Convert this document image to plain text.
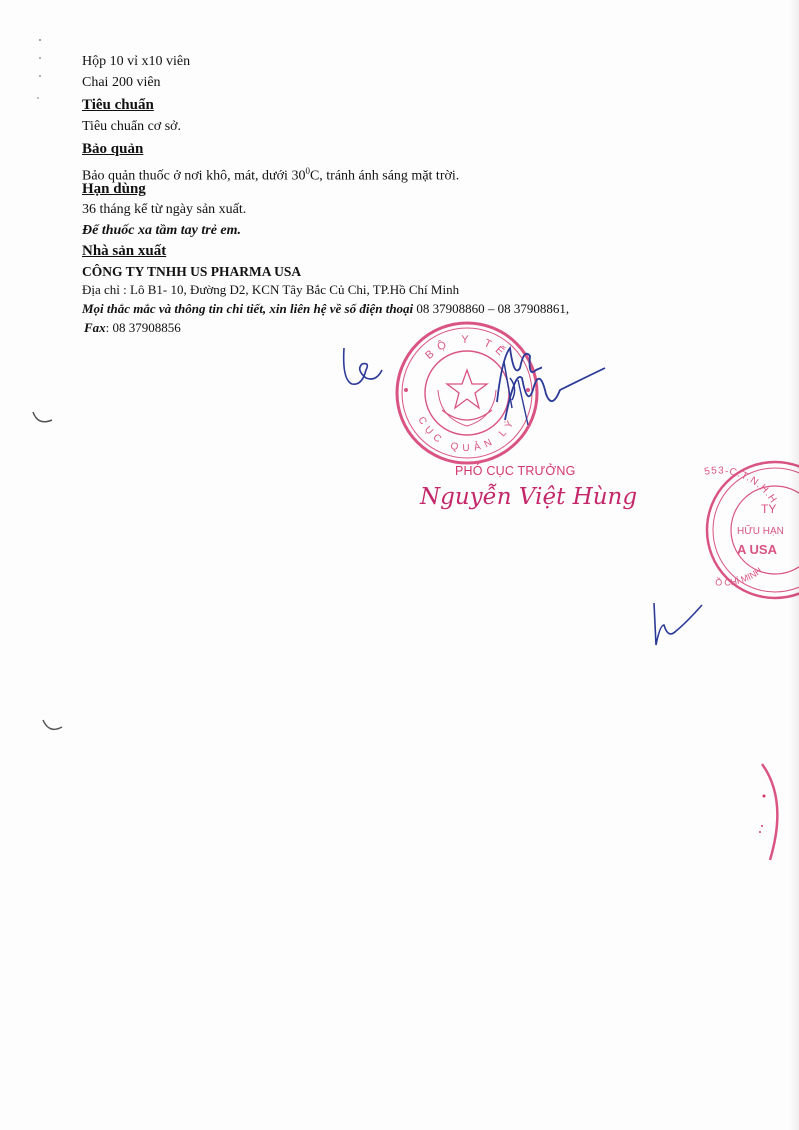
Hộp 10 vỉ x10 viên
Chai 200 viên
Tiêu chuẩn
Tiêu chuẩn cơ sở.
Bảo quản
Bảo quản thuốc ở nơi khô, mát, dưới $30^0C$, tránh ánh sáng mặt trời.
Hạn dùng
36 tháng kể từ ngày sản xuất.
Để thuốc xa tầm tay trẻ em.
Nhà sản xuất
CÔNG TY TNHH US PHARMA USA
Địa chỉ : Lô B1- 10, Đường D2, KCN Tây Bắc Củ Chi, TP.Hồ Chí Minh
Mọi thắc mắc và thông tin chi tiết, xin liên hệ về số điện thoại 08 37908860 – 08 37908861,
Fax: 08 37908856
BỘ Y TẾ
CỤC QUẢN LÝ
PHÓ CỤC TRƯỞNG
Nguyễn Việt Hùng
553-C.T.N.H.H
Ồ CHÍ MINH
TY
HỮU HẠN
A USA
